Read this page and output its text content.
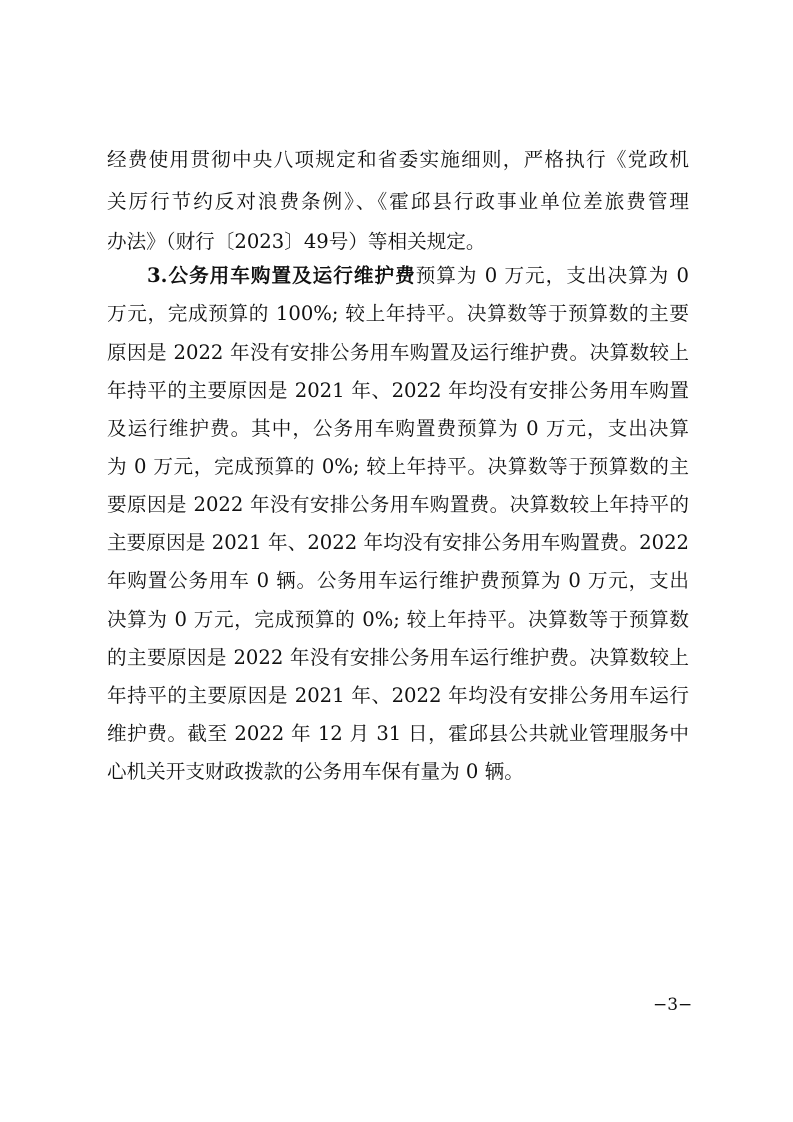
经费使用贯彻中央八项规定和省委实施细则，严格执行《党政机
关厉行节约反对浪费条例》、《霍邱县行政事业单位差旅费管理
办法》（财行〔2023〕49号）等相关规定。
3.公务用车购置及运行维护费预算为 0 万元，支出决算为 0
万元，完成预算的 100%; 较上年持平。决算数等于预算数的主要
原因是 2022 年没有安排公务用车购置及运行维护费。决算数较上
年持平的主要原因是 2021 年、2022 年均没有安排公务用车购置
及运行维护费。其中，公务用车购置费预算为 0 万元，支出决算
为 0 万元，完成预算的 0%; 较上年持平。决算数等于预算数的主
要原因是 2022 年没有安排公务用车购置费。决算数较上年持平的
主要原因是 2021 年、2022 年均没有安排公务用车购置费。2022
年购置公务用车 0 辆。公务用车运行维护费预算为 0 万元，支出
决算为 0 万元，完成预算的 0%; 较上年持平。决算数等于预算数
的主要原因是 2022 年没有安排公务用车运行维护费。决算数较上
年持平的主要原因是 2021 年、2022 年均没有安排公务用车运行
维护费。截至 2022 年 12 月 31 日，霍邱县公共就业管理服务中
心机关开支财政拨款的公务用车保有量为 0 辆。
−3−
